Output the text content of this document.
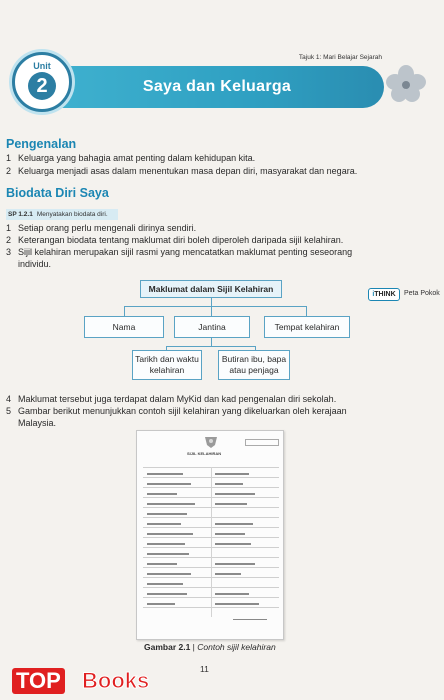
Tajuk 1: Mari Belajar Sejarah
Saya dan Keluarga
Unit
2
Pengenalan
1 Keluarga yang bahagia amat penting dalam kehidupan kita.
2 Keluarga menjadi asas dalam menentukan masa depan diri, masyarakat dan negara.
Biodata Diri Saya
SP 1.2.1 Menyatakan biodata diri.
1 Setiap orang perlu mengenali dirinya sendiri.
2 Keterangan biodata tentang maklumat diri boleh diperoleh daripada sijil kelahiran.
3 Sijil kelahiran merupakan sijil rasmi yang mencatatkan maklumat penting seseorang
individu.
iTHINK	Peta Pokok
Maklumat dalam Sijil Kelahiran
Nama	Jantina	Tempat kelahiran
Tarikh dan waktu
kelahiran
Butiran ibu, bapa
atau penjaga
4 Maklumat tersebut juga terdapat dalam MyKid dan kad pengenalan diri sekolah.
5 Gambar berikut menunjukkan contoh sijil kelahiran yang dikeluarkan oleh kerajaan
Malaysia.
SIJIL KELAHIRAN
Gambar 2.1 | Contoh sijil kelahiran
11
TOP Books
